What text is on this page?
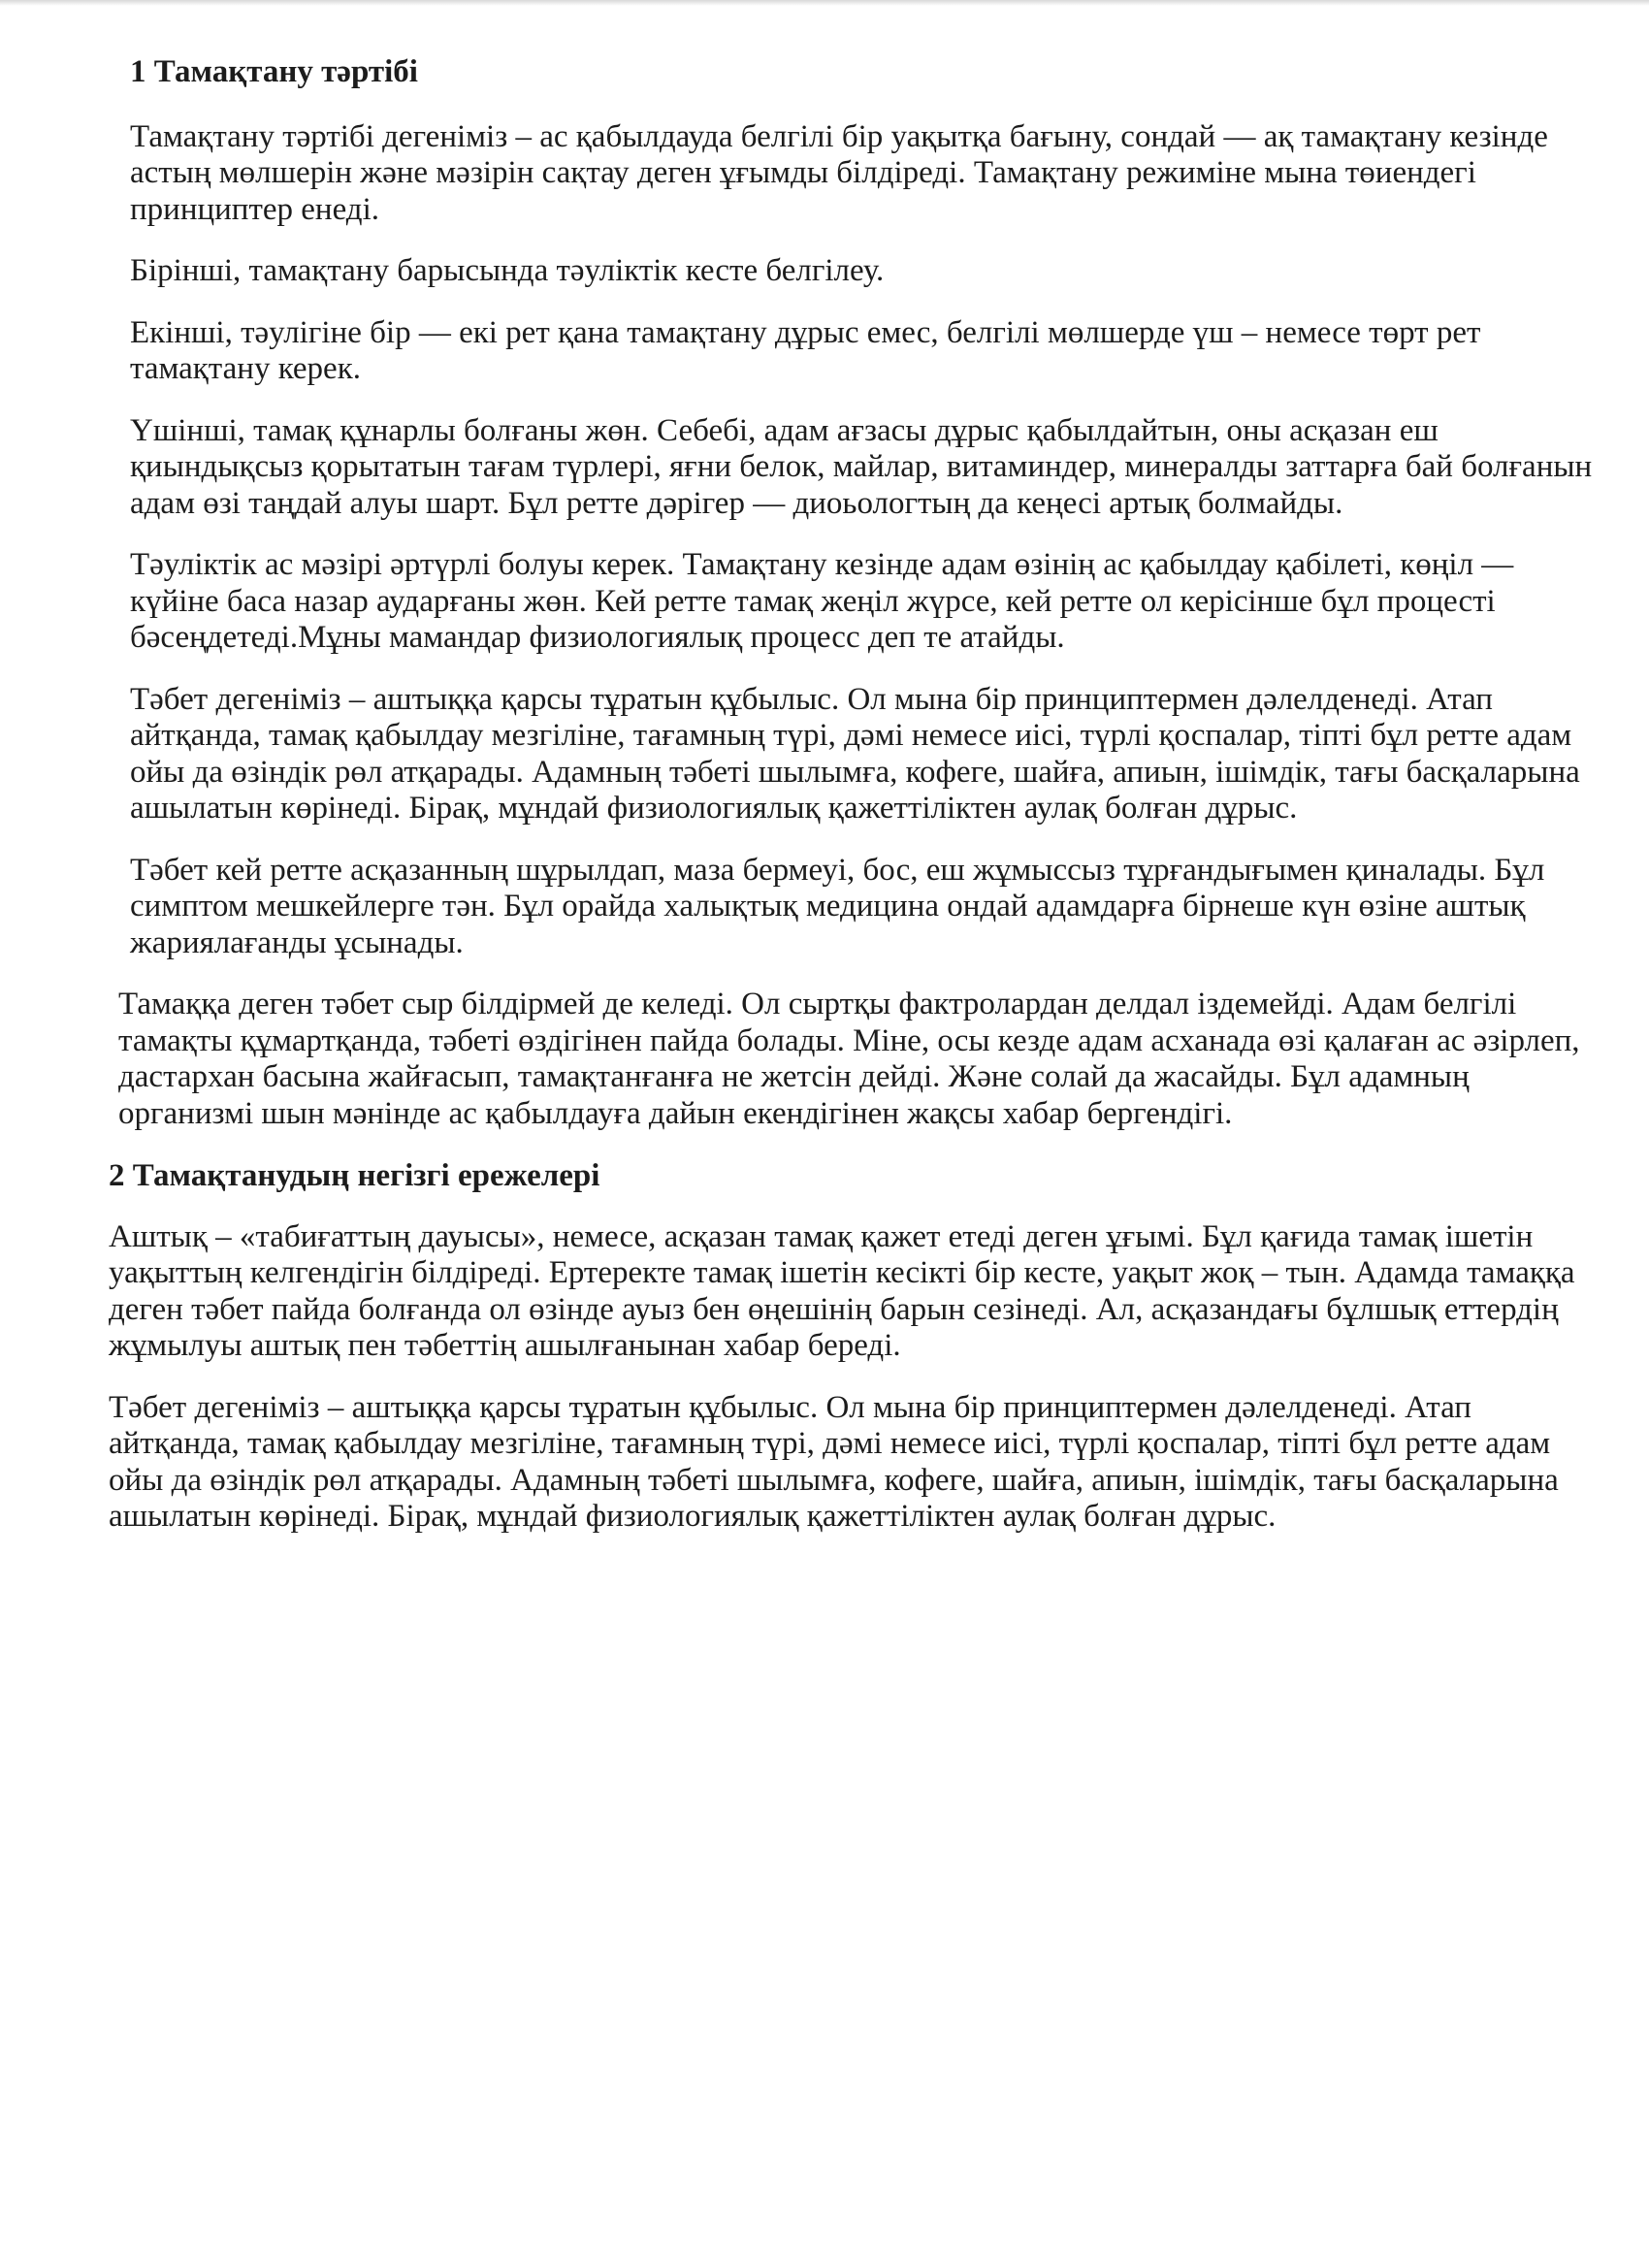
1 Тамақтану тәртібі

Тамақтану тәртібі дегеніміз – ас қабылдауда белгілі бір уақытқа бағыну, сондай — ақ тамақтану кезінде астың мөлшерін және мәзірін сақтау деген ұғымды білдіреді. Тамақтану режиміне мына төиендегі принциптер енеді.

Бірінші, тамақтану барысында тәуліктік кесте белгілеу.

Екінші, тәулігіне бір — екі рет қана тамақтану дұрыс емес, белгілі мөлшерде үш – немесе төрт рет тамақтану керек.

Үшінші, тамақ құнарлы болғаны жөн. Себебі, адам ағзасы дұрыс қабылдайтын, оны асқазан еш қиындықсыз қорытатын тағам түрлері, яғни белок, майлар, витаминдер, минералды заттарға бай болғанын адам өзі таңдай алуы шарт. Бұл ретте дәрігер — диоьологтың да кеңесі артық болмайды.

Тәуліктік ас мәзірі әртүрлі болуы керек. Тамақтану кезінде адам өзінің ас қабылдау қабілеті, көңіл — күйіне баса назар аударғаны жөн. Кей ретте тамақ жеңіл жүрсе, кей ретте ол керісінше бұл процесті бәсеңдетеді.Мұны мамандар физиологиялық процесс деп те атайды.

Тәбет дегеніміз – аштыққа қарсы тұратын құбылыс. Ол мына бір принциптермен дәлелденеді. Атап айтқанда, тамақ қабылдау мезгіліне, тағамның түрі, дәмі немесе иісі, түрлі қоспалар, тіпті бұл ретте адам ойы да өзіндік рөл атқарады. Адамның тәбеті шылымға, кофеге, шайға, апиын, ішімдік, тағы басқаларына ашылатын көрінеді. Бірақ, мұндай физиологиялық қажеттіліктен аулақ болған дұрыс.

Тәбет кей ретте асқазанның шұрылдап, маза бермеуі, бос, еш жұмыссыз тұрғандығымен қиналады. Бұл симптом мешкейлерге тән. Бұл орайда халықтық медицина ондай адамдарға бірнеше күн өзіне аштық жариялағанды ұсынады.

Тамаққа деген тәбет сыр білдірмей де келеді. Ол сыртқы фактролардан делдал іздемейді. Адам белгілі тамақты құмартқанда, тәбеті өздігінен пайда болады. Міне, осы кезде адам асханада өзі қалаған ас әзірлеп, дастархан басына жайғасып, тамақтанғанға не жетсін дейді. Және солай да жасайды. Бұл адамның организмі шын мәнінде ас қабылдауға дайын екендігінен жақсы хабар бергендігі.

2 Тамақтанудың негізгі ережелері

Аштық – «табиғаттың дауысы», немесе, асқазан тамақ қажет етеді деген ұғымі. Бұл қағида тамақ ішетін уақыттың келгендігін білдіреді. Ертеректе тамақ ішетін кесікті бір кесте, уақыт жоқ – тын. Адамда тамаққа деген тәбет пайда болғанда ол өзінде ауыз бен өңешінің барын сезінеді. Ал, асқазандағы бұлшық еттердің жұмылуы аштық пен тәбеттің ашылғанынан хабар береді.

Тәбет дегеніміз – аштыққа қарсы тұратын құбылыс. Ол мына бір принциптермен дәлелденеді. Атап айтқанда, тамақ қабылдау мезгіліне, тағамның түрі, дәмі немесе иісі, түрлі қоспалар, тіпті бұл ретте адам ойы да өзіндік рөл атқарады. Адамның тәбеті шылымға, кофеге, шайға, апиын, ішімдік, тағы басқаларына ашылатын көрінеді. Бірақ, мұндай физиологиялық қажеттіліктен аулақ болған дұрыс.
